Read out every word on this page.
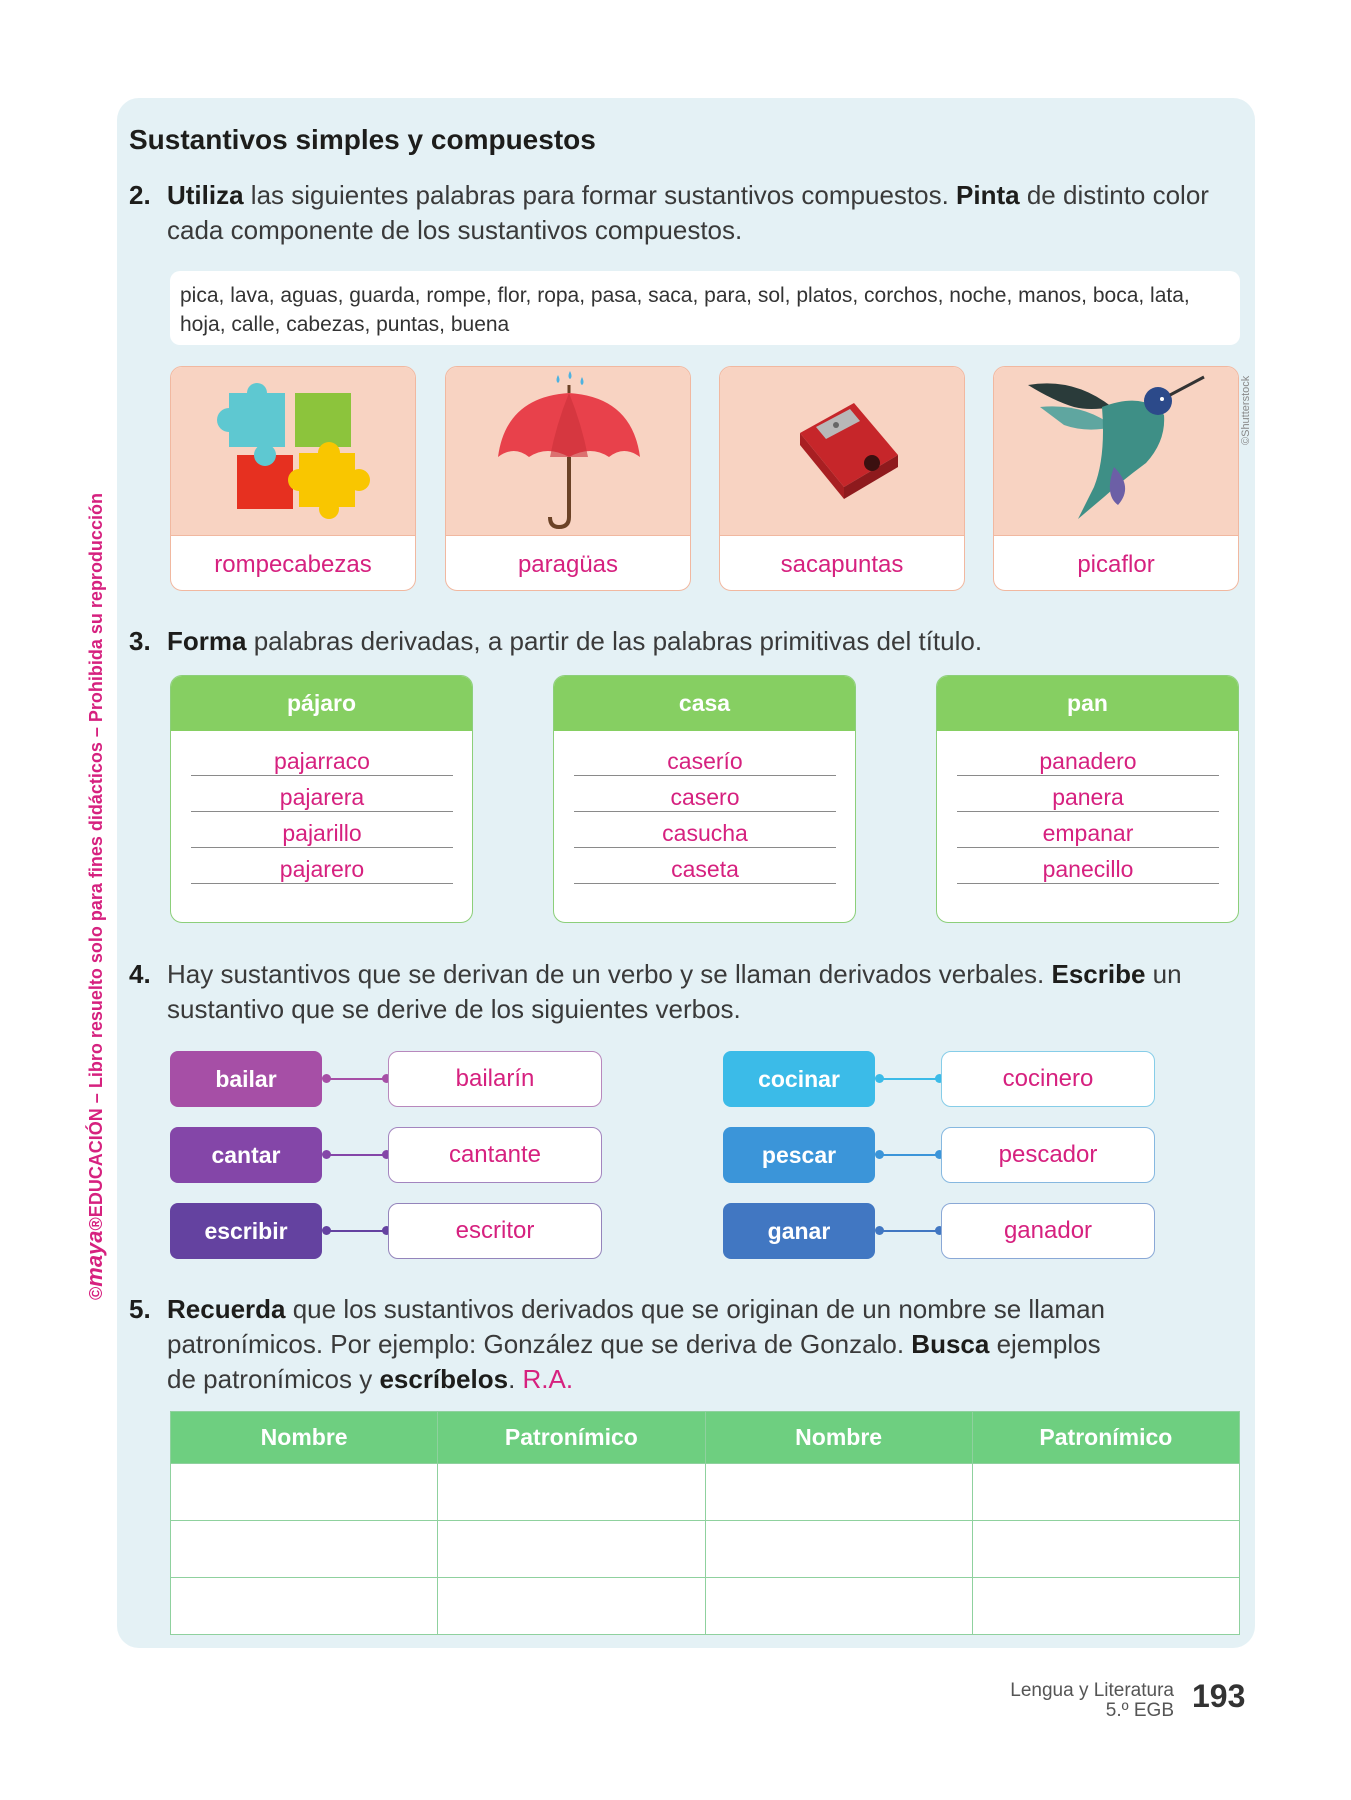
©maya®EDUCACIÓN – Libro resuelto solo para fines didácticos – Prohibida su reproducción
Sustantivos simples y compuestos
2. Utiliza las siguientes palabras para formar sustantivos compuestos. Pinta de distinto color cada componente de los sustantivos compuestos.
pica, lava, aguas, guarda, rompe, flor, ropa, pasa, saca, para, sol, platos, corchos, noche, manos, boca, lata, hoja, calle, cabezas, puntas, buena
rompecabezas	paragüas	sacapuntas	picaflor
©Shutterstock
3. Forma palabras derivadas, a partir de las palabras primitivas del título.
pájaro
pajarraco
pajarera
pajarillo
pajarero
casa
caserío
casero
casucha
caseta
pan
panadero
panera
empanar
panecillo
4. Hay sustantivos que se derivan de un verbo y se llaman derivados verbales. Escribe un sustantivo que se derive de los siguientes verbos.
bailar	bailarín
cantar	cantante
escribir	escritor
cocinar	cocinero
pescar	pescador
ganar	ganador
5. Recuerda que los sustantivos derivados que se originan de un nombre se llaman patronímicos. Por ejemplo: González que se deriva de Gonzalo. Busca ejemplos de patronímicos y escríbelos. R.A.
Nombre	Patronímico	Nombre	Patronímico

Lengua y Literatura
5.º EGB 193
